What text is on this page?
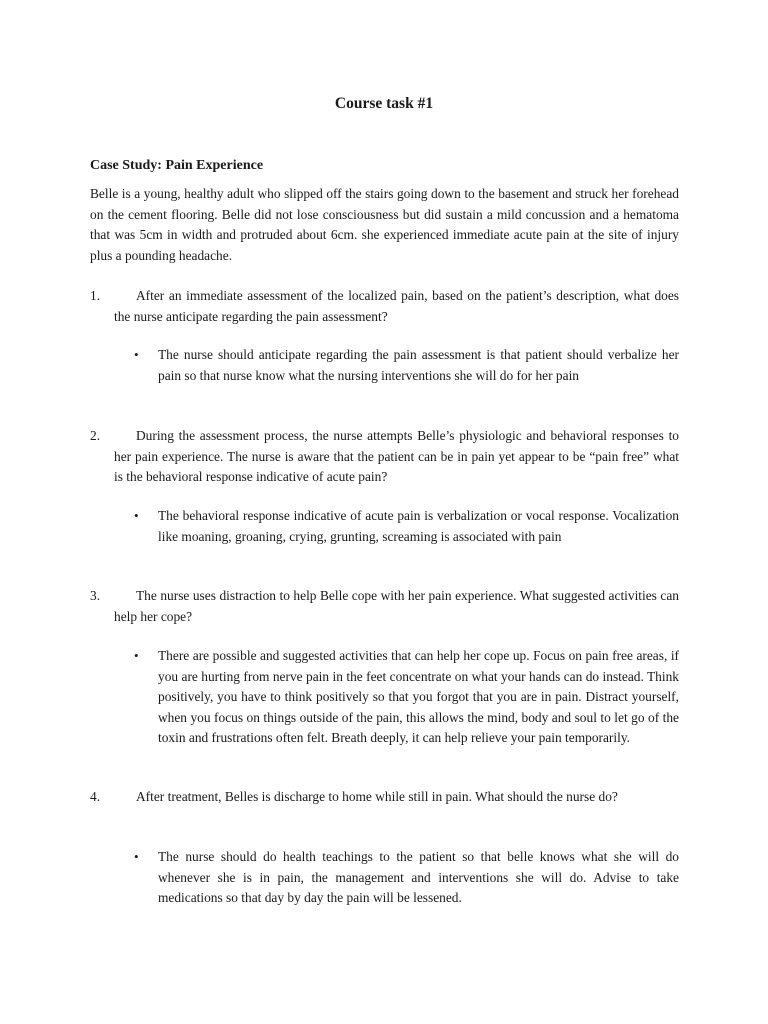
Course task #1
Case Study: Pain Experience

Belle is a young, healthy adult who slipped off the stairs going down to the basement and struck her forehead on the cement flooring. Belle did not lose consciousness but did sustain a mild concussion and a hematoma that was 5cm in width and protruded about 6cm. she experienced immediate acute pain at the site of injury plus a pounding headache.

1.	After an immediate assessment of the localized pain, based on the patient’s description, what does the nurse anticipate regarding the pain assessment?
•	The nurse should anticipate regarding the pain assessment is that patient should verbalize her pain so that nurse know what the nursing interventions she will do for her pain
2.	During the assessment process, the nurse attempts Belle’s physiologic and behavioral responses to her pain experience. The nurse is aware that the patient can be in pain yet appear to be “pain free” what is the behavioral response indicative of acute pain?
•	The behavioral response indicative of acute pain is verbalization or vocal response. Vocalization like moaning, groaning, crying, grunting, screaming is associated with pain
3.	The nurse uses distraction to help Belle cope with her pain experience. What suggested activities can help her cope?
•	There are possible and suggested activities that can help her cope up. Focus on pain free areas, if you are hurting from nerve pain in the feet concentrate on what your hands can do instead. Think positively, you have to think positively so that you forgot that you are in pain. Distract yourself, when you focus on things outside of the pain, this allows the mind, body and soul to let go of the toxin and frustrations often felt. Breath deeply, it can help relieve your pain temporarily.
4.	After treatment, Belles is discharge to home while still in pain. What should the nurse do?
•	The nurse should do health teachings to the patient so that belle knows what she will do whenever she is in pain, the management and interventions she will do. Advise to take medications so that day by day the pain will be lessened.
